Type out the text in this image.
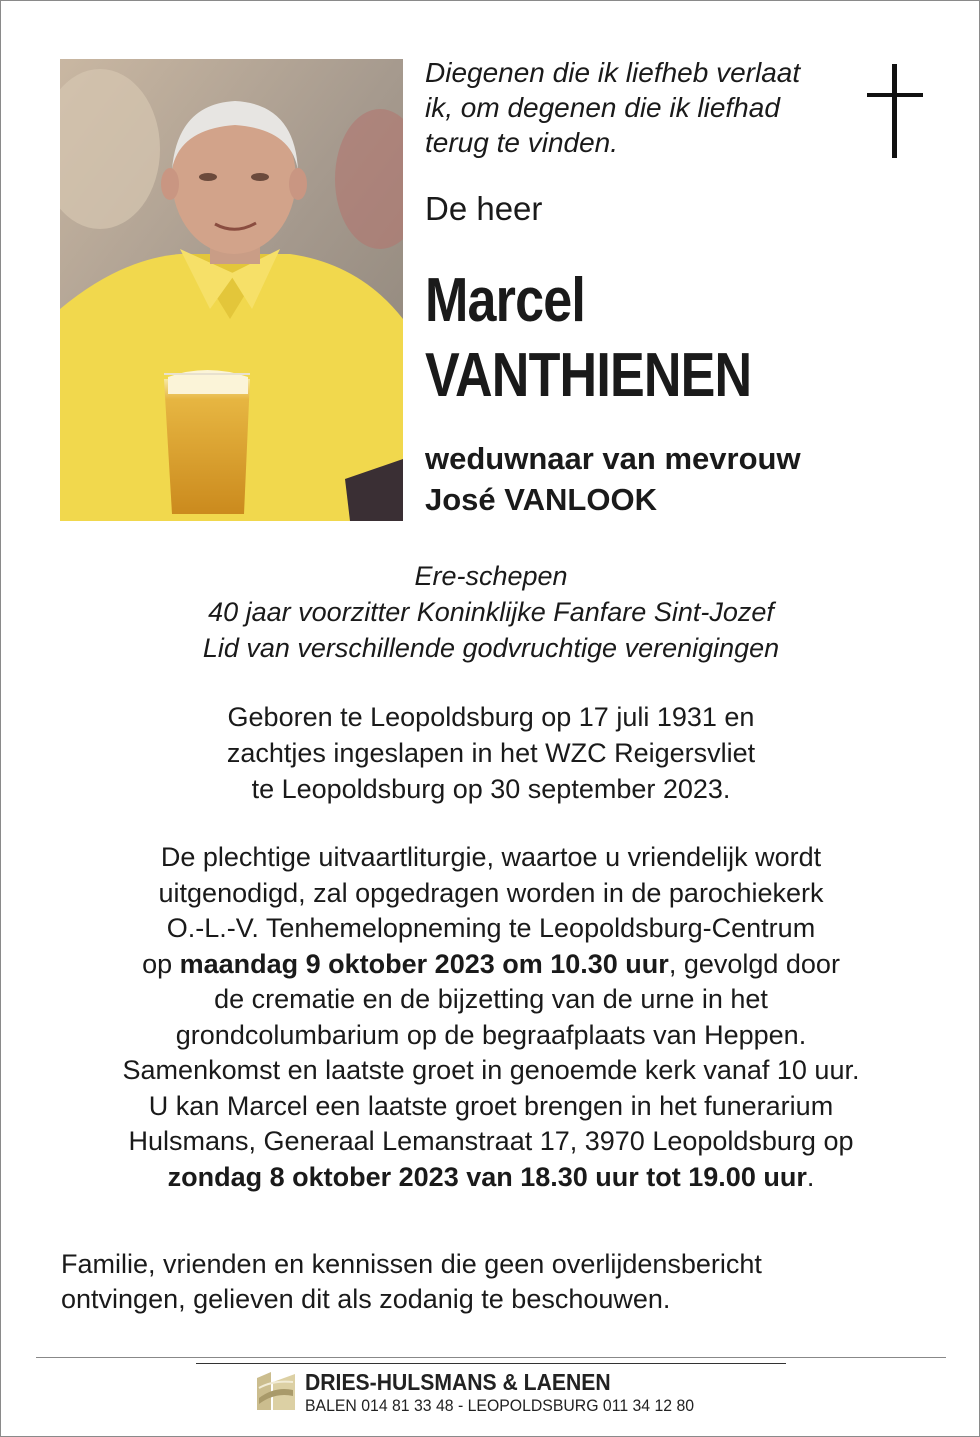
Diegenen die ik liefheb verlaat
ik, om degenen die ik liefhad
terug te vinden.
De heer
Marcel
VANTHIENEN
weduwnaar van mevrouw
José VANLOOK
Ere-schepen
40 jaar voorzitter Koninklijke Fanfare Sint-Jozef
Lid van verschillende godvruchtige verenigingen
Geboren te Leopoldsburg op 17 juli 1931 en
zachtjes ingeslapen in het WZC Reigersvliet
te Leopoldsburg op 30 september 2023.
De plechtige uitvaartliturgie, waartoe u vriendelijk wordt
uitgenodigd, zal opgedragen worden in de parochiekerk
O.-L.-V. Tenhemelopneming te Leopoldsburg-Centrum
op maandag 9 oktober 2023 om 10.30 uur, gevolgd door
de crematie en de bijzetting van de urne in het
grondcolumbarium op de begraafplaats van Heppen.
Samenkomst en laatste groet in genoemde kerk vanaf 10 uur.
U kan Marcel een laatste groet brengen in het funerarium
Hulsmans, Generaal Lemanstraat 17, 3970 Leopoldsburg op
zondag 8 oktober 2023 van 18.30 uur tot 19.00 uur.
Familie, vrienden en kennissen die geen overlijdensbericht
ontvingen, gelieven dit als zodanig te beschouwen.
DRIES-HULSMANS & LAENEN
BALEN 014 81 33 48 - LEOPOLDSBURG 011 34 12 80
